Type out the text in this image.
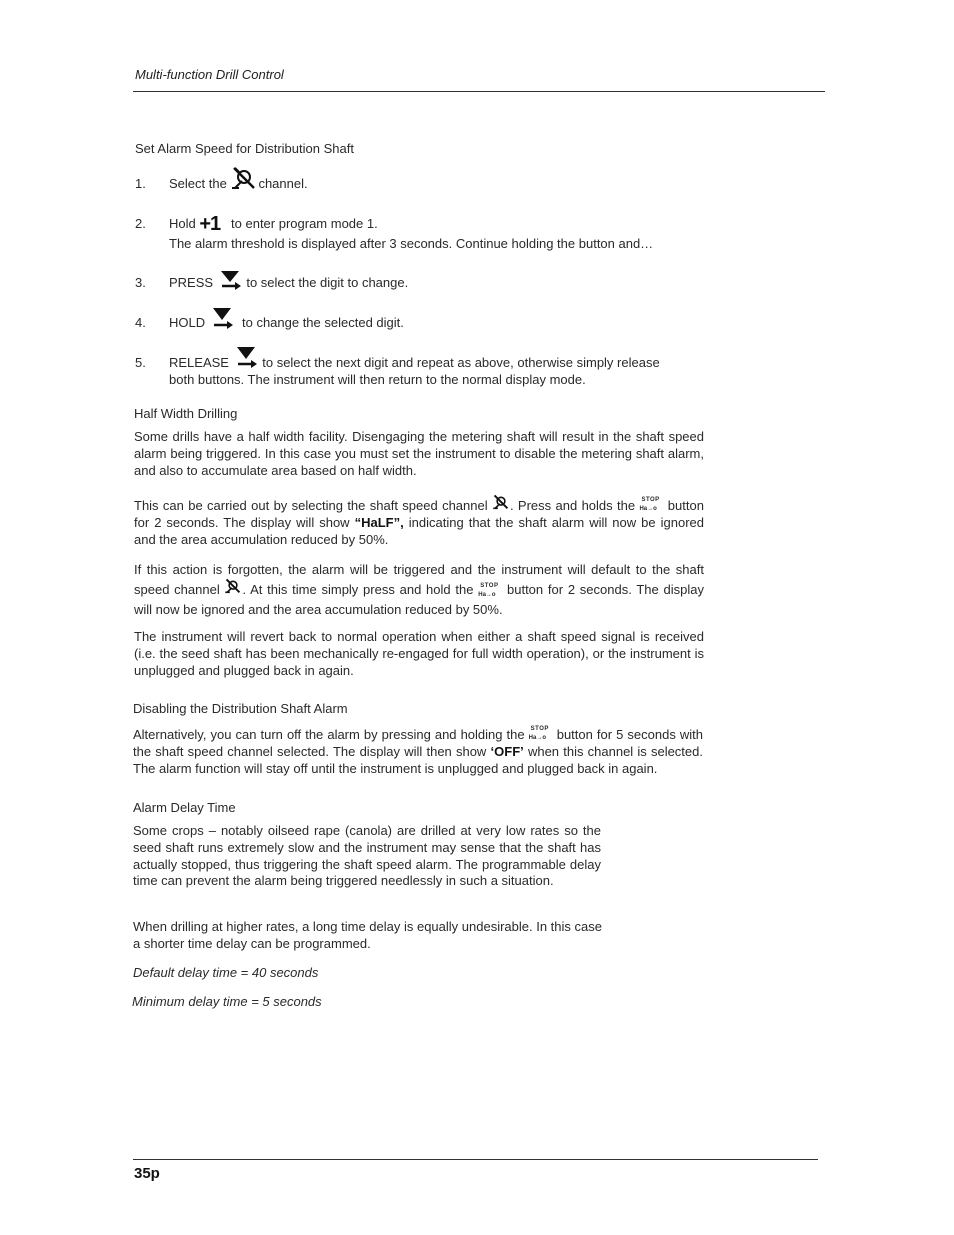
Multi-function Drill Control
Set Alarm Speed for Distribution Shaft
1. Select the channel.
2. Hold +1 to enter program mode 1.
The alarm threshold is displayed after 3 seconds. Continue holding the button and…
3. PRESS	to select the digit to change.
4. HOLD	to change the selected digit.
5. RELEASE	to select the next digit and repeat as above, otherwise simply release
both buttons. The instrument will then return to the normal display mode.
Half Width Drilling
Some drills have a half width facility. Disengaging the metering shaft will result in the shaft speed alarm being triggered. In this case you must set the instrument to disable the metering shaft alarm, and also to accumulate area based on half width.
This can be carried out by selecting the shaft speed channel . Press and holds the STOP
Ha→o button for 2 seconds. The display will show “HaLF”, indicating that the shaft alarm will now be ignored and the area accumulation reduced by 50%.
If this action is forgotten, the alarm will be triggered and the instrument will default to the shaft speed channel . At this time simply press and hold the STOP
Ha→o button for 2 seconds. The display will now be ignored and the area accumulation reduced by 50%.
The instrument will revert back to normal operation when either a shaft speed signal is received (i.e. the seed shaft has been mechanically re-engaged for full width operation), or the instrument is unplugged and plugged back in again.
Disabling the Distribution Shaft Alarm
Alternatively, you can turn off the alarm by pressing and holding the STOP
Ha→o button for 5 seconds with the shaft speed channel selected. The display will then show ‘OFF’ when this channel is selected. The alarm function will stay off until the instrument is unplugged and plugged back in again.
Alarm Delay Time
Some crops – notably oilseed rape (canola) are drilled at very low rates so the seed shaft runs extremely slow and the instrument may sense that the shaft has actually stopped, thus triggering the shaft speed alarm. The programmable delay time can prevent the alarm being triggered needlessly in such a situation.
When drilling at higher rates, a long time delay is equally undesirable. In this case a shorter time delay can be programmed.
Default delay time = 40 seconds
Minimum delay time = 5 seconds
35p
